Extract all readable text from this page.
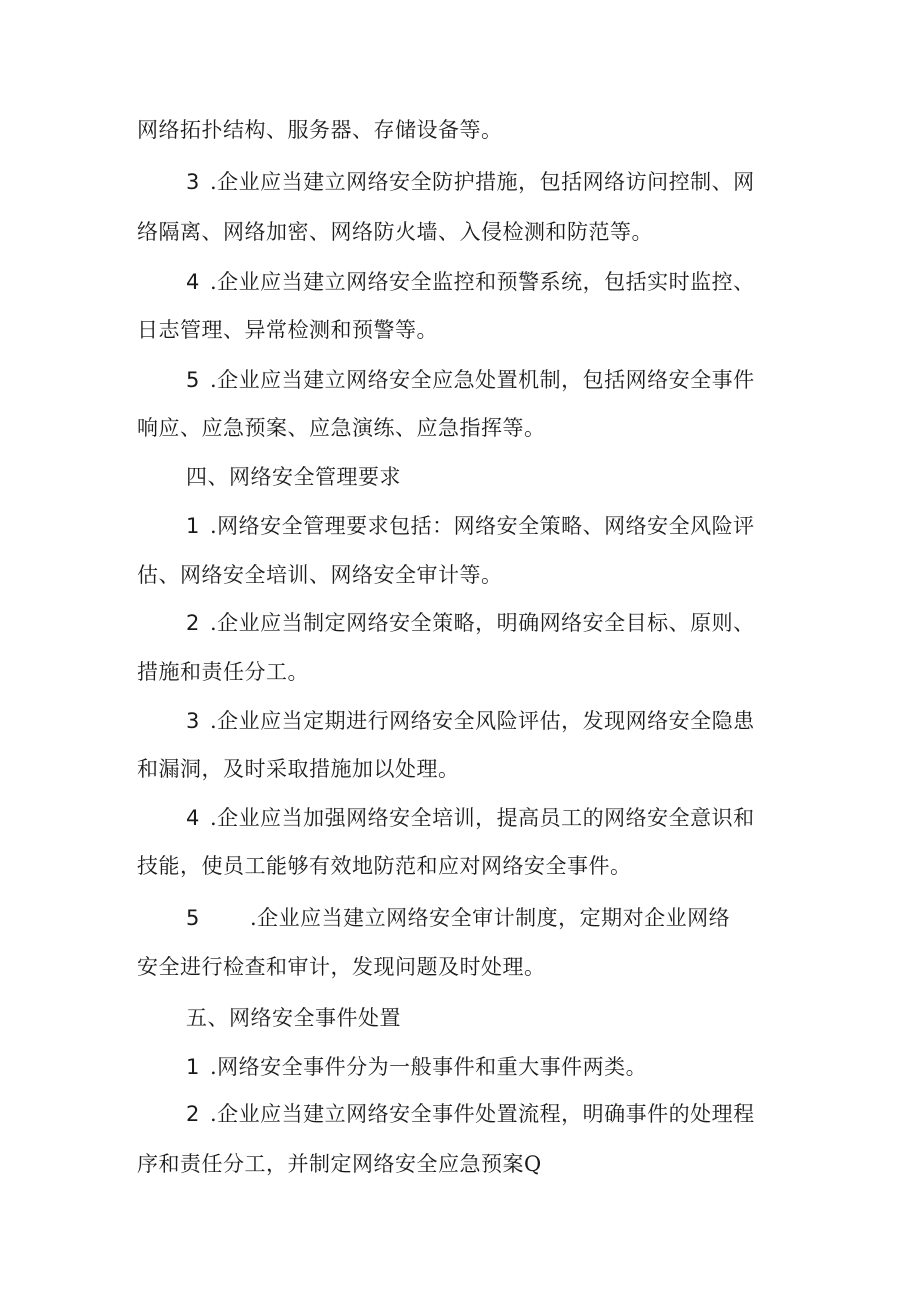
网络拓扑结构、服务器、存储设备等。
3 .企业应当建立网络安全防护措施，包括网络访问控制、网
络隔离、网络加密、网络防火墙、入侵检测和防范等。
4 .企业应当建立网络安全监控和预警系统，包括实时监控、
日志管理、异常检测和预警等。
5 .企业应当建立网络安全应急处置机制，包括网络安全事件
响应、应急预案、应急演练、应急指挥等。
四、网络安全管理要求
1 .网络安全管理要求包括：网络安全策略、网络安全风险评
估、网络安全培训、网络安全审计等。
2 .企业应当制定网络安全策略，明确网络安全目标、原则、
措施和责任分工。
3 .企业应当定期进行网络安全风险评估，发现网络安全隐患
和漏洞，及时采取措施加以处理。
4 .企业应当加强网络安全培训，提高员工的网络安全意识和
技能，使员工能够有效地防范和应对网络安全事件。
5 .企业应当建立网络安全审计制度，定期对企业网络
安全进行检查和审计，发现问题及时处理。
五、网络安全事件处置
1 .网络安全事件分为一般事件和重大事件两类。
2 .企业应当建立网络安全事件处置流程，明确事件的处理程
序和责任分工，并制定网络安全应急预案Q
